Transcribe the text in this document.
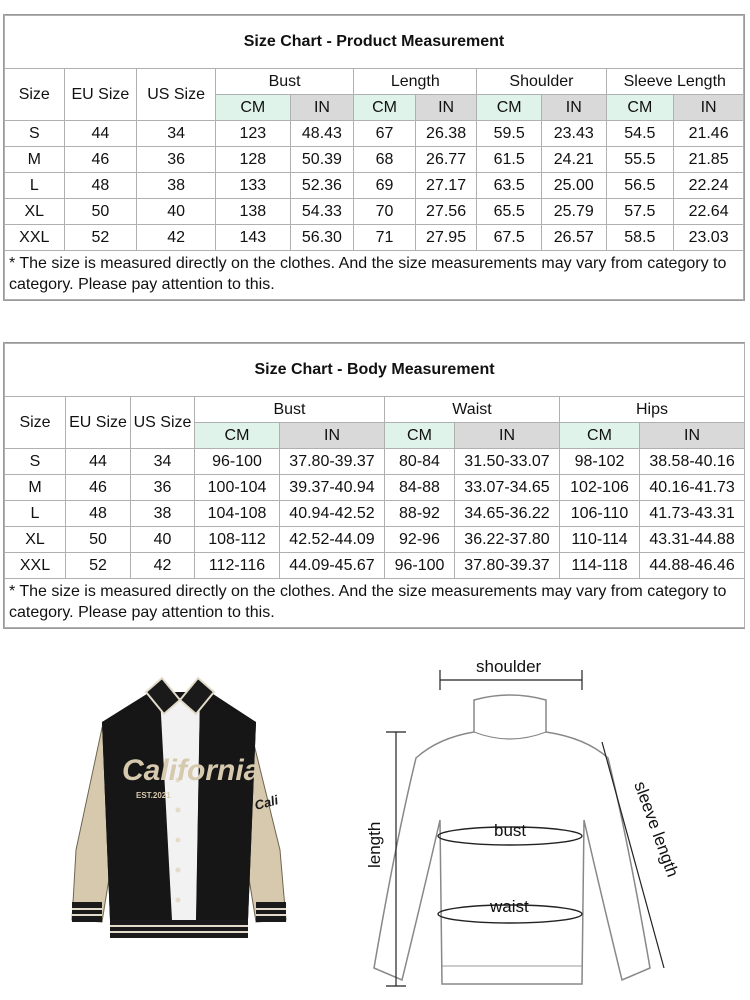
Size Chart - Product Measurement										
Size	EU Size	US Size	Bust		Length		Shoulder		Sleeve Length	
			CM	IN	CM	IN	CM	IN	CM	IN
S	44	34	123	48.43	67	26.38	59.5	23.43	54.5	21.46
M	46	36	128	50.39	68	26.77	61.5	24.21	55.5	21.85
L	48	38	133	52.36	69	27.17	63.5	25.00	56.5	22.24
XL	50	40	138	54.33	70	27.56	65.5	25.79	57.5	22.64
XXL	52	42	143	56.30	71	27.95	67.5	26.57	58.5	23.03
* The size is measured directly on the clothes. And the size measurements may vary from category to category. Please pay attention to this.										
Size Chart - Body Measurement								
Size	EU Size	US Size	Bust		Waist		Hips	
			CM	IN	CM	IN	CM	IN
S	44	34	96-100	37.80-39.37	80-84	31.50-33.07	98-102	38.58-40.16
M	46	36	100-104	39.37-40.94	84-88	33.07-34.65	102-106	40.16-41.73
L	48	38	104-108	40.94-42.52	88-92	34.65-36.22	106-110	41.73-43.31
XL	50	40	108-112	42.52-44.09	92-96	36.22-37.80	110-114	43.31-44.88
XXL	52	42	112-116	44.09-45.67	96-100	37.80-39.37	114-118	44.88-46.46
* The size is measured directly on the clothes. And the size measurements may vary from category to category. Please pay attention to this.								
California
EST.2021	Cali
shoulder
length	sleeve length
bust
waist
